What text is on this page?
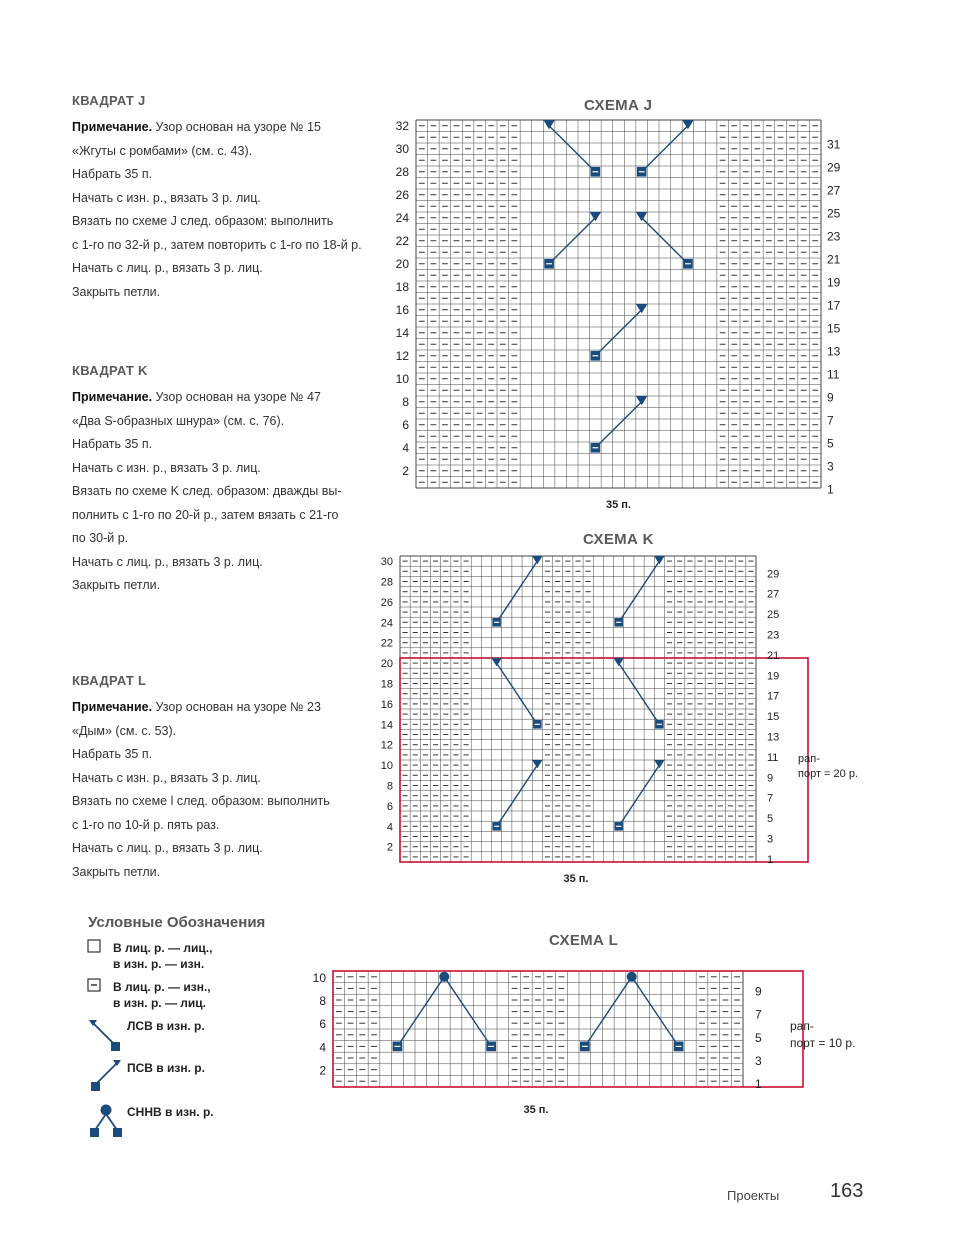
КВАДРАТ J

Примечание. Узор основан на узоре № 15

«Жгуты с ромбами» (см. с. 43).

Набрать 35 п.

Начать с изн. р., вязать 3 р. лиц.

Вязать по схеме J след. образом: выполнить

с 1-го по 32-й р., затем повторить с 1-го по 18-й р.

Начать с лиц. р., вязать 3 р. лиц.

Закрыть петли.

КВАДРАТ K

Примечание. Узор основан на узоре № 47

«Два S-образных шнура» (см. с. 76).

Набрать 35 п.

Начать с изн. р., вязать 3 р. лиц.

Вязать по схеме K след. образом: дважды вы-

полнить с 1-го по 20-й р., затем вязать с 21-го

по 30-й р.

Начать с лиц. р., вязать 3 р. лиц.

Закрыть петли.

КВАДРАТ L

Примечание. Узор основан на узоре № 23

«Дым» (см. с. 53).

Набрать 35 п.

Начать с изн. р., вязать 3 р. лиц.

Вязать по схеме l след. образом: выполнить

с 1-го по 10-й р. пять раз.

Начать с лиц. р., вязать 3 р. лиц.

Закрыть петли.

СХЕМА J
СХЕМА K
СХЕМА L
32
30
28
26
24
22
20
18
16
14
12
10
8
6
4
2
31
29
27
25
23
21
19
17
15
13
11
9
7
5
3
1
35 п.
30
28
26
24
22
20
18
16
14
12
10
8
6
4
2
29
27
25
23
21
19
17
15
13
11
9
7
5
3
1
рап-
порт = 20 р.
35 п.
10
8
6
4
2
9
7
5
3
1
рап-
порт = 10 р.
35 п.
Условные Обозначения
В лиц. р. — лиц.,
в изн. р. — изн.
В лиц. р. — изн.,
в изн. р. — лиц.
ЛСВ в изн. р.
ПСВ в изн. р.
СННВ в изн. р.
Проекты	163
